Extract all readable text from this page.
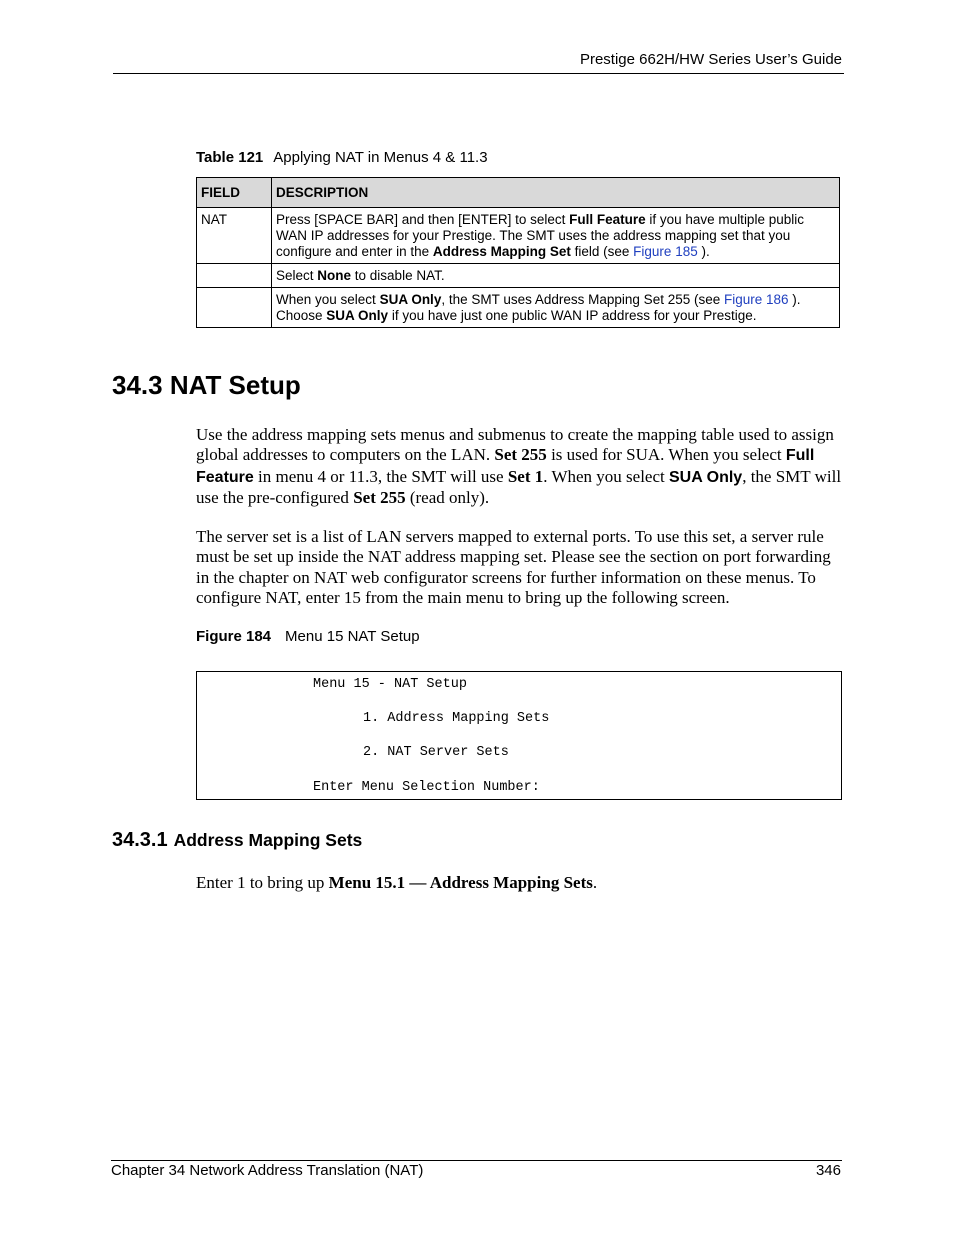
Prestige 662H/HW Series User’s Guide
Table 121 Applying NAT in Menus 4 & 11.3
FIELD	DESCRIPTION
NAT	Press [SPACE BAR] and then [ENTER] to select Full Feature if you have multiple public WAN IP addresses for your Prestige. The SMT uses the address mapping set that you configure and enter in the Address Mapping Set field (see Figure 185 ).
	Select None to disable NAT.
	When you select SUA Only, the SMT uses Address Mapping Set 255 (see Figure 186 ). Choose SUA Only if you have just one public WAN IP address for your Prestige.
34.3 NAT Setup

Use the address mapping sets menus and submenus to create the mapping table used to assign global addresses to computers on the LAN. Set 255 is used for SUA. When you select Full Feature in menu 4 or 11.3, the SMT will use Set 1. When you select SUA Only, the SMT will use the pre-configured Set 255 (read only).

The server set is a list of LAN servers mapped to external ports. To use this set, a server rule must be set up inside the NAT address mapping set. Please see the section on port forwarding in the chapter on NAT web configurator screens for further information on these menus. To configure NAT, enter 15 from the main menu to bring up the following screen.

Figure 184 Menu 15 NAT Setup
Menu 15 - NAT Setup
1. Address Mapping Sets
2. NAT Server Sets
Enter Menu Selection Number:
34.3.1 Address Mapping Sets

Enter 1 to bring up Menu 15.1 — Address Mapping Sets.

Chapter 34 Network Address Translation (NAT)	346
